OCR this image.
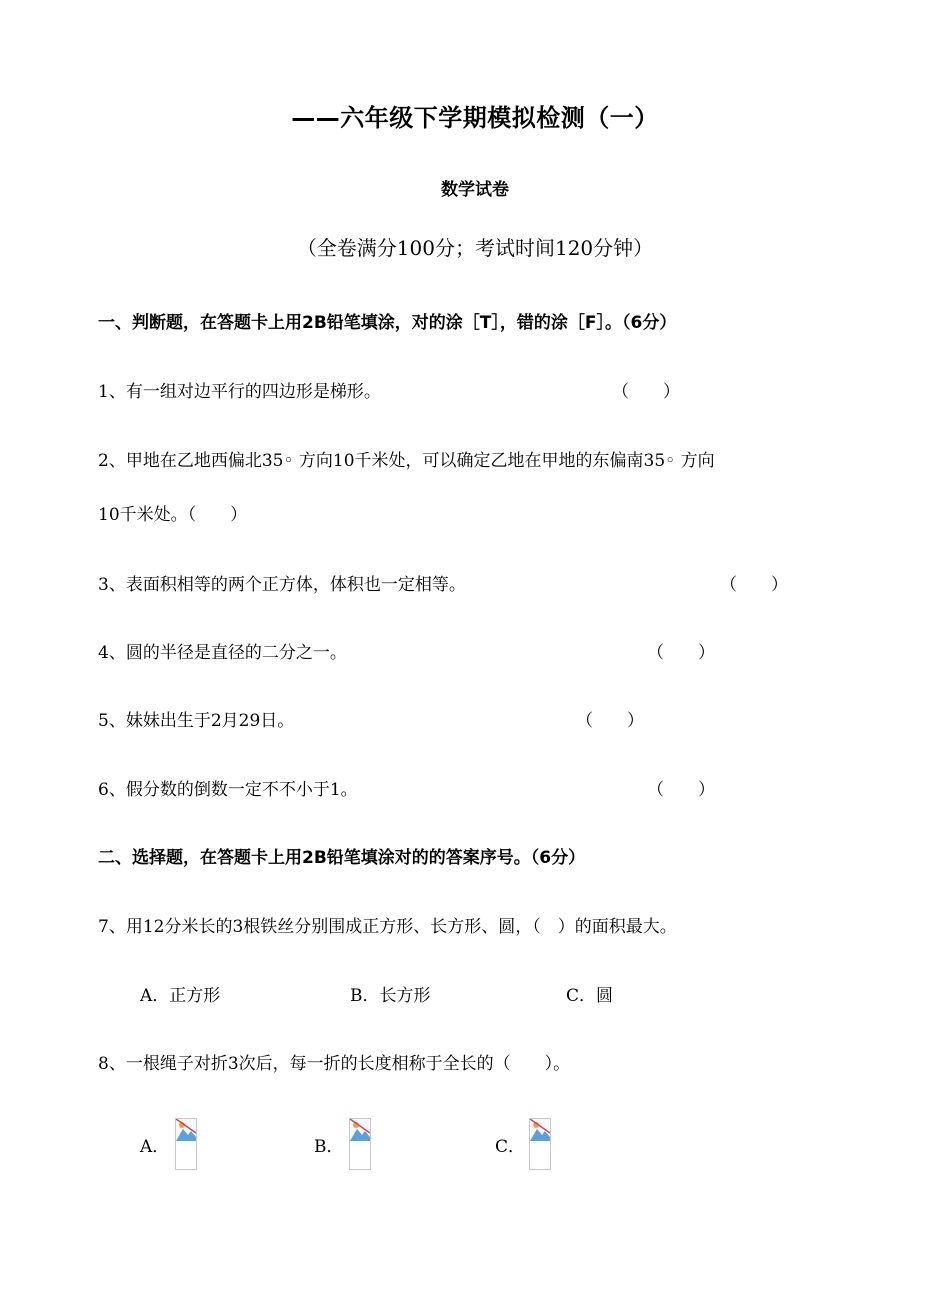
——六年级下学期模拟检测（一）
数学试卷
（全卷满分100分；考试时间120分钟）
一、判断题，在答题卡上用2B铅笔填涂，对的涂［T］，错的涂［F］。（6分）
1、有一组对边平行的四边形是梯形。	（　　）
2、甲地在乙地西偏北35◦ 方向10千米处，可以确定乙地在甲地的东偏南35◦ 方向
10千米处。（　　）
3、表面积相等的两个正方体，体积也一定相等。	（　　）
4、圆的半径是直径的二分之一。	（　　）
5、妹妹出生于2月29日。	（　　）
6、假分数的倒数一定不不小于1。	（　　）
二、选择题，在答题卡上用2B铅笔填涂对的的答案序号。（6分）
7、用12分米长的3根铁丝分别围成正方形、长方形、圆，（　）的面积最大。
A．正方形	B．长方形	C．圆
8、一根绳子对折3次后，每一折的长度相称于全长的（　　）。
A．	B．	C．
